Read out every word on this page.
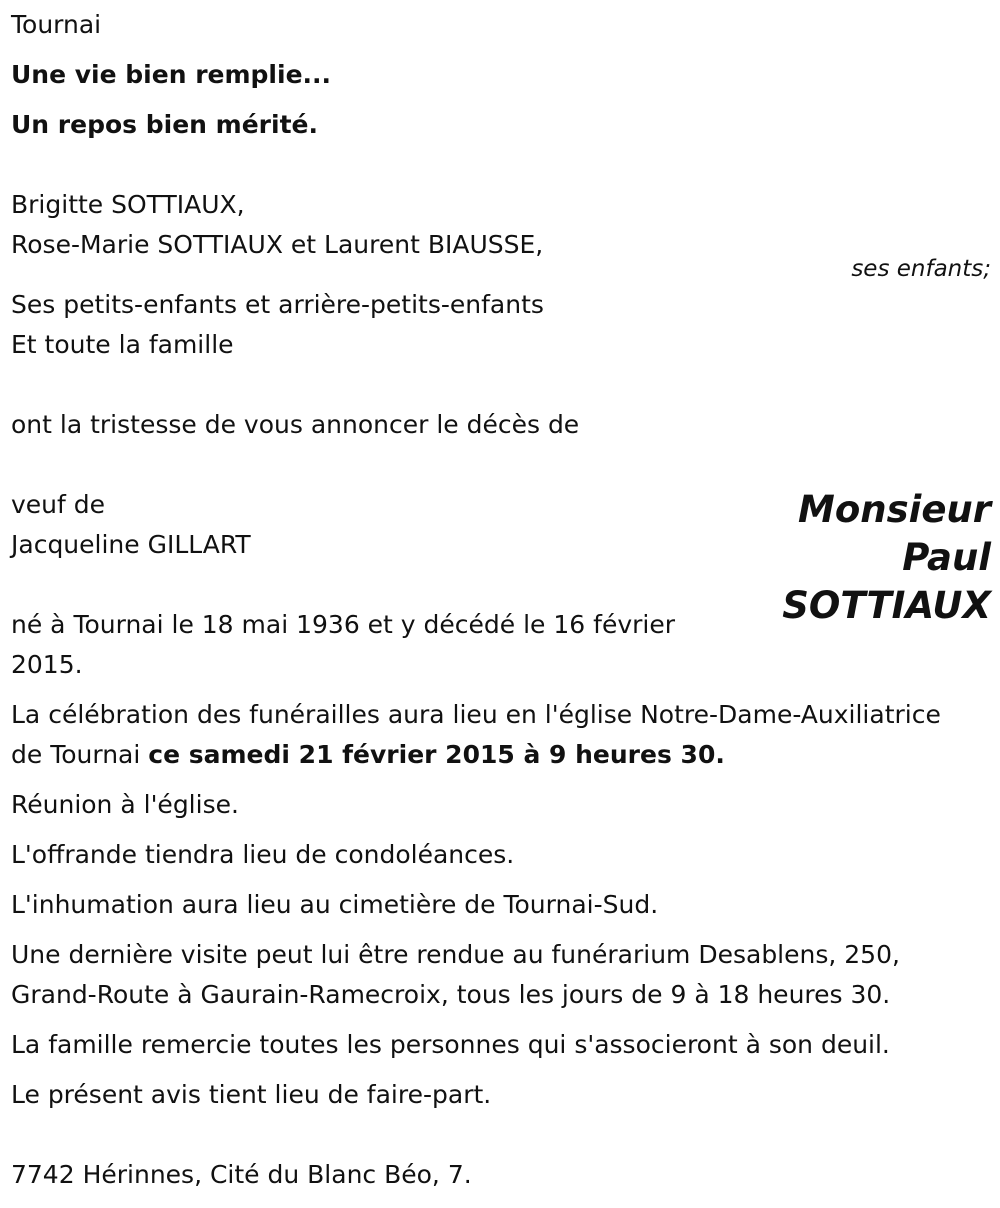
Tournai
Une vie bien remplie...
Un repos bien mérité.
Brigitte SOTTIAUX,
Rose-Marie SOTTIAUX et Laurent BIAUSSE,
Ses petits-enfants et arrière-petits-enfants
Et toute la famille
ont la tristesse de vous annoncer le décès de
veuf de
Jacqueline GILLART
né à Tournai le 18 mai 1936 et y décédé le 16 février 2015.
La célébration des funérailles aura lieu en l'église Notre-Dame-Auxiliatrice de Tournai ce samedi 21 février 2015 à 9 heures 30.
Réunion à l'église.
L'offrande tiendra lieu de condoléances.
L'inhumation aura lieu au cimetière de Tournai-Sud.
Une dernière visite peut lui être rendue au funérarium Desablens, 250, Grand-Route à Gaurain-Ramecroix, tous les jours de 9 à 18 heures 30.
La famille remercie toutes les personnes qui s'associeront à son deuil.
Le présent avis tient lieu de faire-part.
7742 Hérinnes, Cité du Blanc Béo, 7.
ses enfants;
Monsieur
Paul
SOTTIAUX
